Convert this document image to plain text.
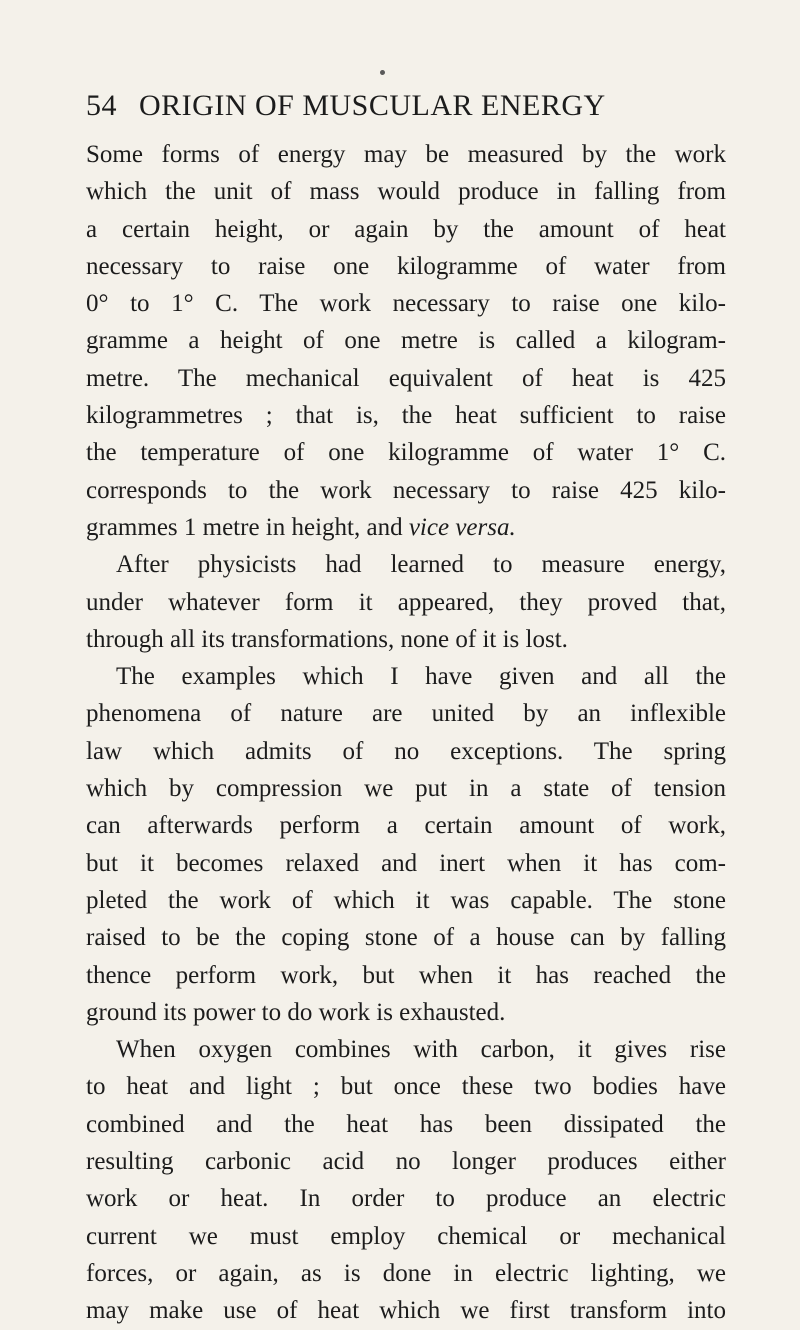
54 ORIGIN OF MUSCULAR ENERGY
Some forms of energy may be measured by the work
which the unit of mass would produce in falling from
a certain height, or again by the amount of heat
necessary to raise one kilogramme of water from
0° to 1° C. The work necessary to raise one kilo-
gramme a height of one metre is called a kilogram-
metre. The mechanical equivalent of heat is 425
kilogrammetres ; that is, the heat sufficient to raise
the temperature of one kilogramme of water 1° C.
corresponds to the work necessary to raise 425 kilo-
grammes 1 metre in height, and vice versa.
After physicists had learned to measure energy,
under whatever form it appeared, they proved that,
through all its transformations, none of it is lost.
The examples which I have given and all the
phenomena of nature are united by an inflexible
law which admits of no exceptions. The spring
which by compression we put in a state of tension
can afterwards perform a certain amount of work,
but it becomes relaxed and inert when it has com-
pleted the work of which it was capable. The stone
raised to be the coping stone of a house can by falling
thence perform work, but when it has reached the
ground its power to do work is exhausted.
When oxygen combines with carbon, it gives rise
to heat and light ; but once these two bodies have
combined and the heat has been dissipated the
resulting carbonic acid no longer produces either
work or heat. In order to produce an electric
current we must employ chemical or mechanical
forces, or again, as is done in electric lighting, we
may make use of heat which we first transform into
